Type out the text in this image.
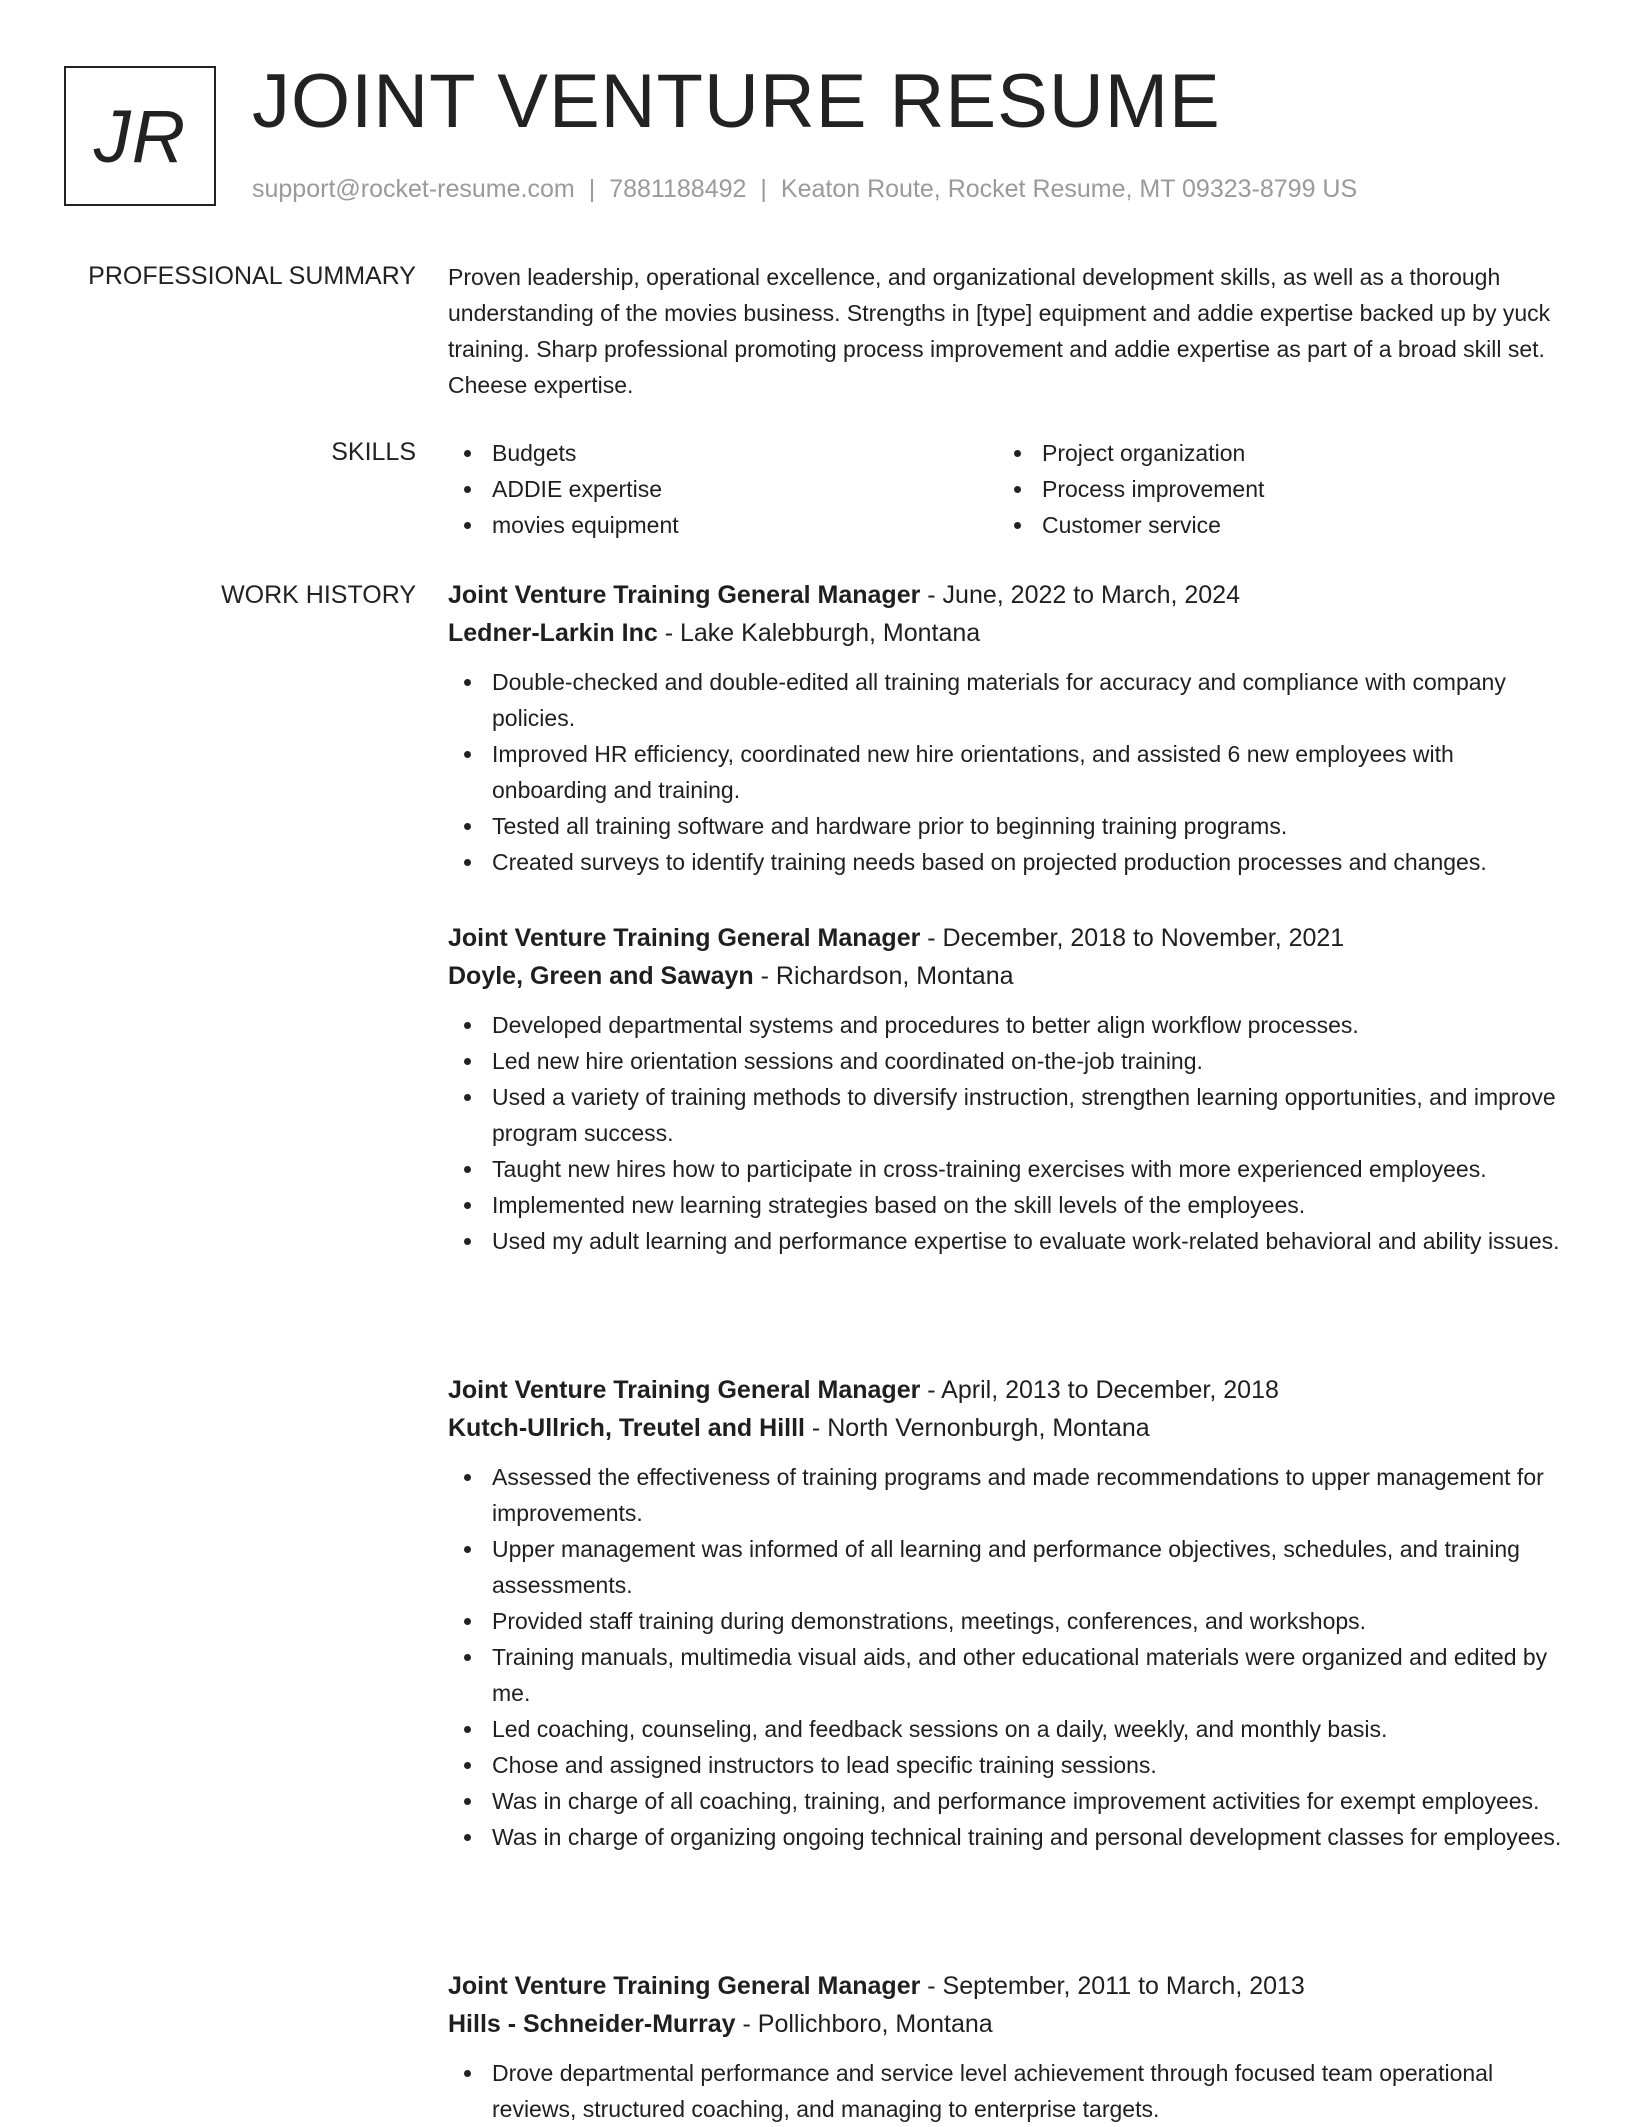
JR JOINT VENTURE RESUME
support@rocket-resume.com | 7881188492 | Keaton Route, Rocket Resume, MT 09323-8799 US
PROFESSIONAL SUMMARY Proven leadership, operational excellence, and organizational development skills, as well as a thorough understanding of the movies business. Strengths in [type] equipment and addie expertise backed up by yuck training. Sharp professional promoting process improvement and addie expertise as part of a broad skill set. Cheese expertise.

SKILLS	Budgets	Project organization
ADDIE expertise	Process improvement
movies equipment	Customer service
WORK HISTORY Joint Venture Training General Manager - June, 2022 to March, 2024
Ledner-Larkin Inc - Lake Kalebburgh, Montana
Double-checked and double-edited all training materials for accuracy and compliance with company policies.
Improved HR efficiency, coordinated new hire orientations, and assisted 6 new employees with onboarding and training.
Tested all training software and hardware prior to beginning training programs.
Created surveys to identify training needs based on projected production processes and changes.
Joint Venture Training General Manager - December, 2018 to November, 2021
Doyle, Green and Sawayn - Richardson, Montana
Developed departmental systems and procedures to better align workflow processes.
Led new hire orientation sessions and coordinated on-the-job training.
Used a variety of training methods to diversify instruction, strengthen learning opportunities, and improve program success.
Taught new hires how to participate in cross-training exercises with more experienced employees.
Implemented new learning strategies based on the skill levels of the employees.
Used my adult learning and performance expertise to evaluate work-related behavioral and ability issues.
Joint Venture Training General Manager - April, 2013 to December, 2018
Kutch-Ullrich, Treutel and Hilll - North Vernonburgh, Montana
Assessed the effectiveness of training programs and made recommendations to upper management for improvements.
Upper management was informed of all learning and performance objectives, schedules, and training assessments.
Provided staff training during demonstrations, meetings, conferences, and workshops.
Training manuals, multimedia visual aids, and other educational materials were organized and edited by me.
Led coaching, counseling, and feedback sessions on a daily, weekly, and monthly basis.
Chose and assigned instructors to lead specific training sessions.
Was in charge of all coaching, training, and performance improvement activities for exempt employees.
Was in charge of organizing ongoing technical training and personal development classes for employees.
Joint Venture Training General Manager - September, 2011 to March, 2013
Hills - Schneider-Murray - Pollichboro, Montana
Drove departmental performance and service level achievement through focused team operational reviews, structured coaching, and managing to enterprise targets.
